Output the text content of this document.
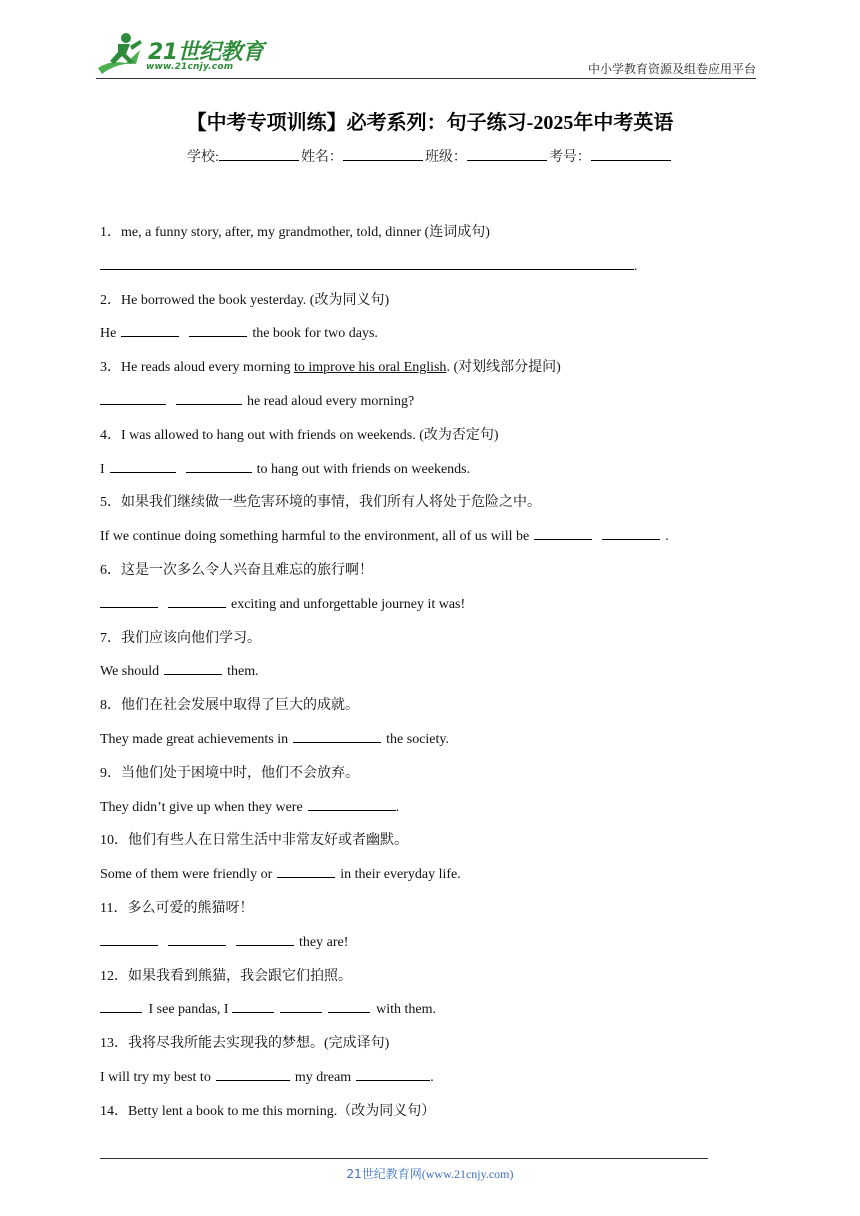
21世纪教育
www.21cnjy.com	中小学教育资源及组卷应用平台
【中考专项训练】必考系列：句子练习-2025年中考英语
学校:	姓名：	班级：	考号：
1．me, a funny story, after, my grandmother, told, dinner (连词成句)
.
2．He borrowed the book yesterday. (改为同义句)
He	the book for two days.
3．He reads aloud every morning to improve his oral English. (对划线部分提问)
he read aloud every morning?
4．I was allowed to hang out with friends on weekends. (改为否定句)
I	to hang out with friends on weekends.
5．如果我们继续做一些危害环境的事情，我们所有人将处于危险之中。
If we continue doing something harmful to the environment, all of us will be	.
6．这是一次多么令人兴奋且难忘的旅行啊！
exciting and unforgettable journey it was!
7．我们应该向他们学习。
We should	them.
8．他们在社会发展中取得了巨大的成就。
They made great achievements in	the society.
9．当他们处于困境中时，他们不会放弃。
They didn’t give up when they were	.
10．他们有些人在日常生活中非常友好或者幽默。
Some of them were friendly or	in their everyday life.
11．多么可爱的熊猫呀！
they are!
12．如果我看到熊猫，我会跟它们拍照。
I see pandas, I	with them.
13．我将尽我所能去实现我的梦想。(完成译句)
I will try my best to	my dream	.
14．Betty lent a book to me this morning.（改为同义句）
21世纪教育网(www.21cnjy.com)
